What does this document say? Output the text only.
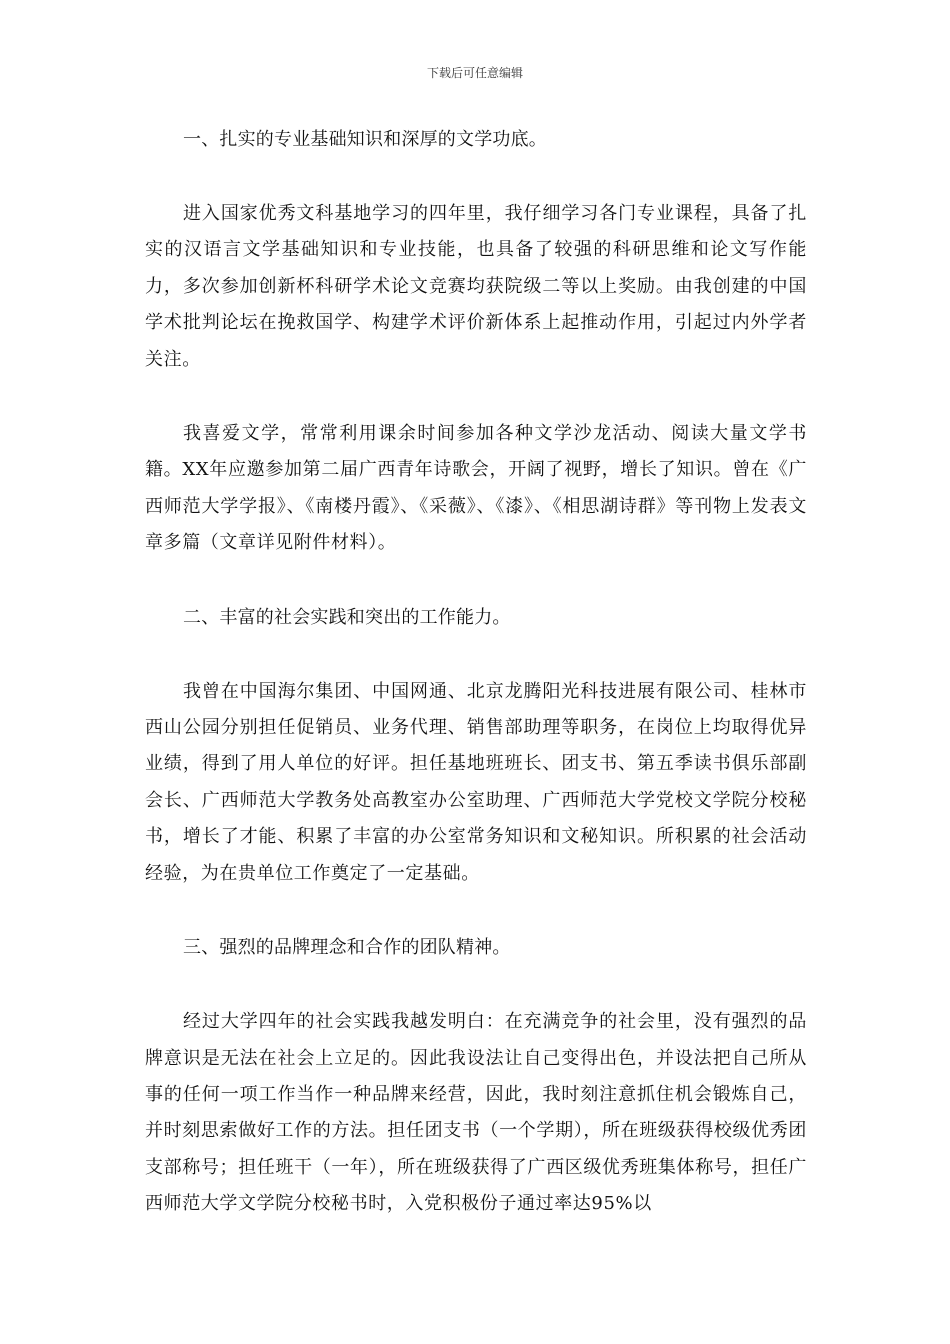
下载后可任意编辑

一、扎实的专业基础知识和深厚的文学功底。

进入国家优秀文科基地学习的四年里，我仔细学习各门专业课程，具备了扎实的汉语言文学基础知识和专业技能，也具备了较强的科研思维和论文写作能力，多次参加创新杯科研学术论文竞赛均获院级二等以上奖励。由我创建的中国学术批判论坛在挽救国学、构建学术评价新体系上起推动作用，引起过内外学者关注。

我喜爱文学，常常利用课余时间参加各种文学沙龙活动、阅读大量文学书籍。XX年应邀参加第二届广西青年诗歌会，开阔了视野，增长了知识。曾在《广西师范大学学报》、《南楼丹霞》、《采薇》、《漆》、《相思湖诗群》等刊物上发表文章多篇（文章详见附件材料）。

二、丰富的社会实践和突出的工作能力。

我曾在中国海尔集团、中国网通、北京龙腾阳光科技进展有限公司、桂林市西山公园分别担任促销员、业务代理、销售部助理等职务，在岗位上均取得优异业绩，得到了用人单位的好评。担任基地班班长、团支书、第五季读书俱乐部副会长、广西师范大学教务处高教室办公室助理、广西师范大学党校文学院分校秘书，增长了才能、积累了丰富的办公室常务知识和文秘知识。所积累的社会活动经验，为在贵单位工作奠定了一定基础。

三、强烈的品牌理念和合作的团队精神。

经过大学四年的社会实践我越发明白：在充满竞争的社会里，没有强烈的品牌意识是无法在社会上立足的。因此我设法让自己变得出色，并设法把自己所从事的任何一项工作当作一种品牌来经营，因此，我时刻注意抓住机会锻炼自己，并时刻思索做好工作的方法。担任团支书（一个学期），所在班级获得校级优秀团支部称号；担任班干（一年），所在班级获得了广西区级优秀班集体称号，担任广西师范大学文学院分校秘书时，入党积极份子通过率达95%以
